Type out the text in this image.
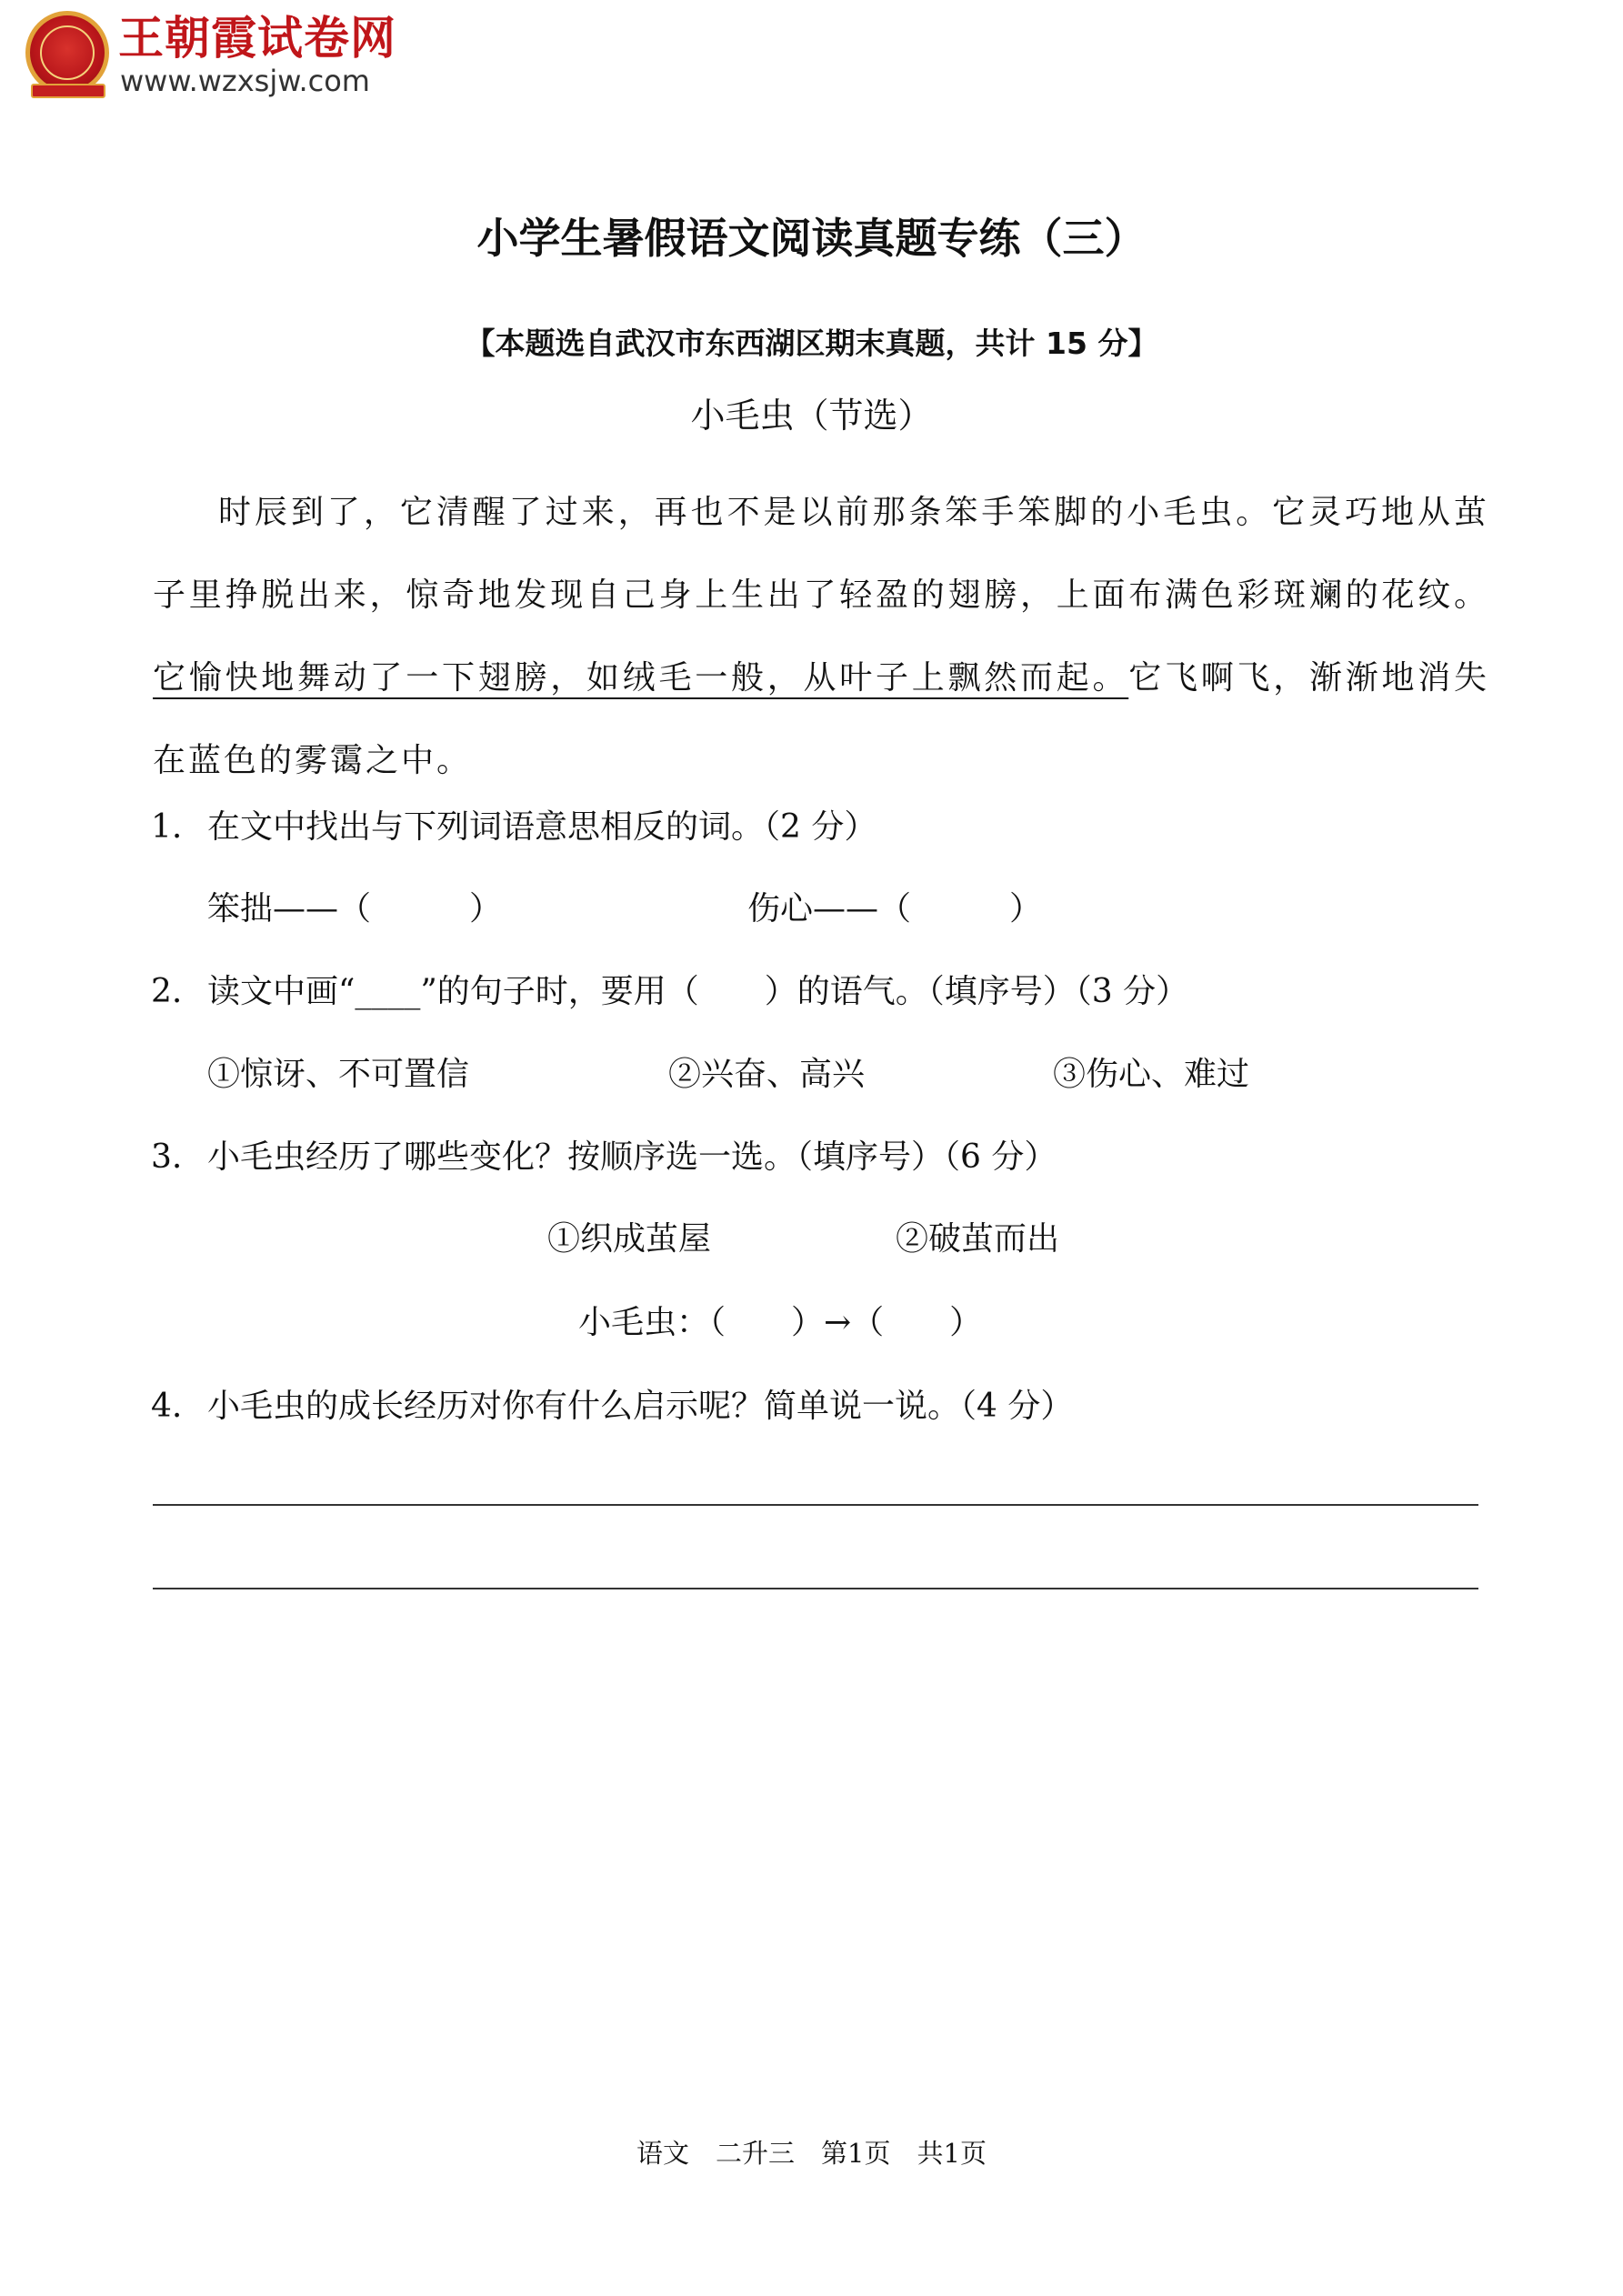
王朝霞试卷网
www.wzxsjw.com
小学生暑假语文阅读真题专练（三）
【本题选自武汉市东西湖区期末真题，共计 15 分】
小毛虫（节选）
时辰到了，它清醒了过来，再也不是以前那条笨手笨脚的小毛虫。它灵巧地从茧子里挣脱出来，惊奇地发现自己身上生出了轻盈的翅膀，上面布满色彩斑斓的花纹。它愉快地舞动了一下翅膀，如绒毛一般，从叶子上飘然而起。它飞啊飞，渐渐地消失在蓝色的雾霭之中。
1. 在文中找出与下列词语意思相反的词。（2 分）
笨拙——（　　　）	伤心——（　　　）
2. 读文中画“____”的句子时，要用（　　）的语气。（填序号）（3 分）
①惊讶、不可置信	②兴奋、高兴	③伤心、难过
3. 小毛虫经历了哪些变化？按顺序选一选。（填序号）（6 分）
①织成茧屋	②破茧而出
小毛虫：（　　）→（　　）
4. 小毛虫的成长经历对你有什么启示呢？简单说一说。（4 分）
语文　二升三　第1页　共1页
